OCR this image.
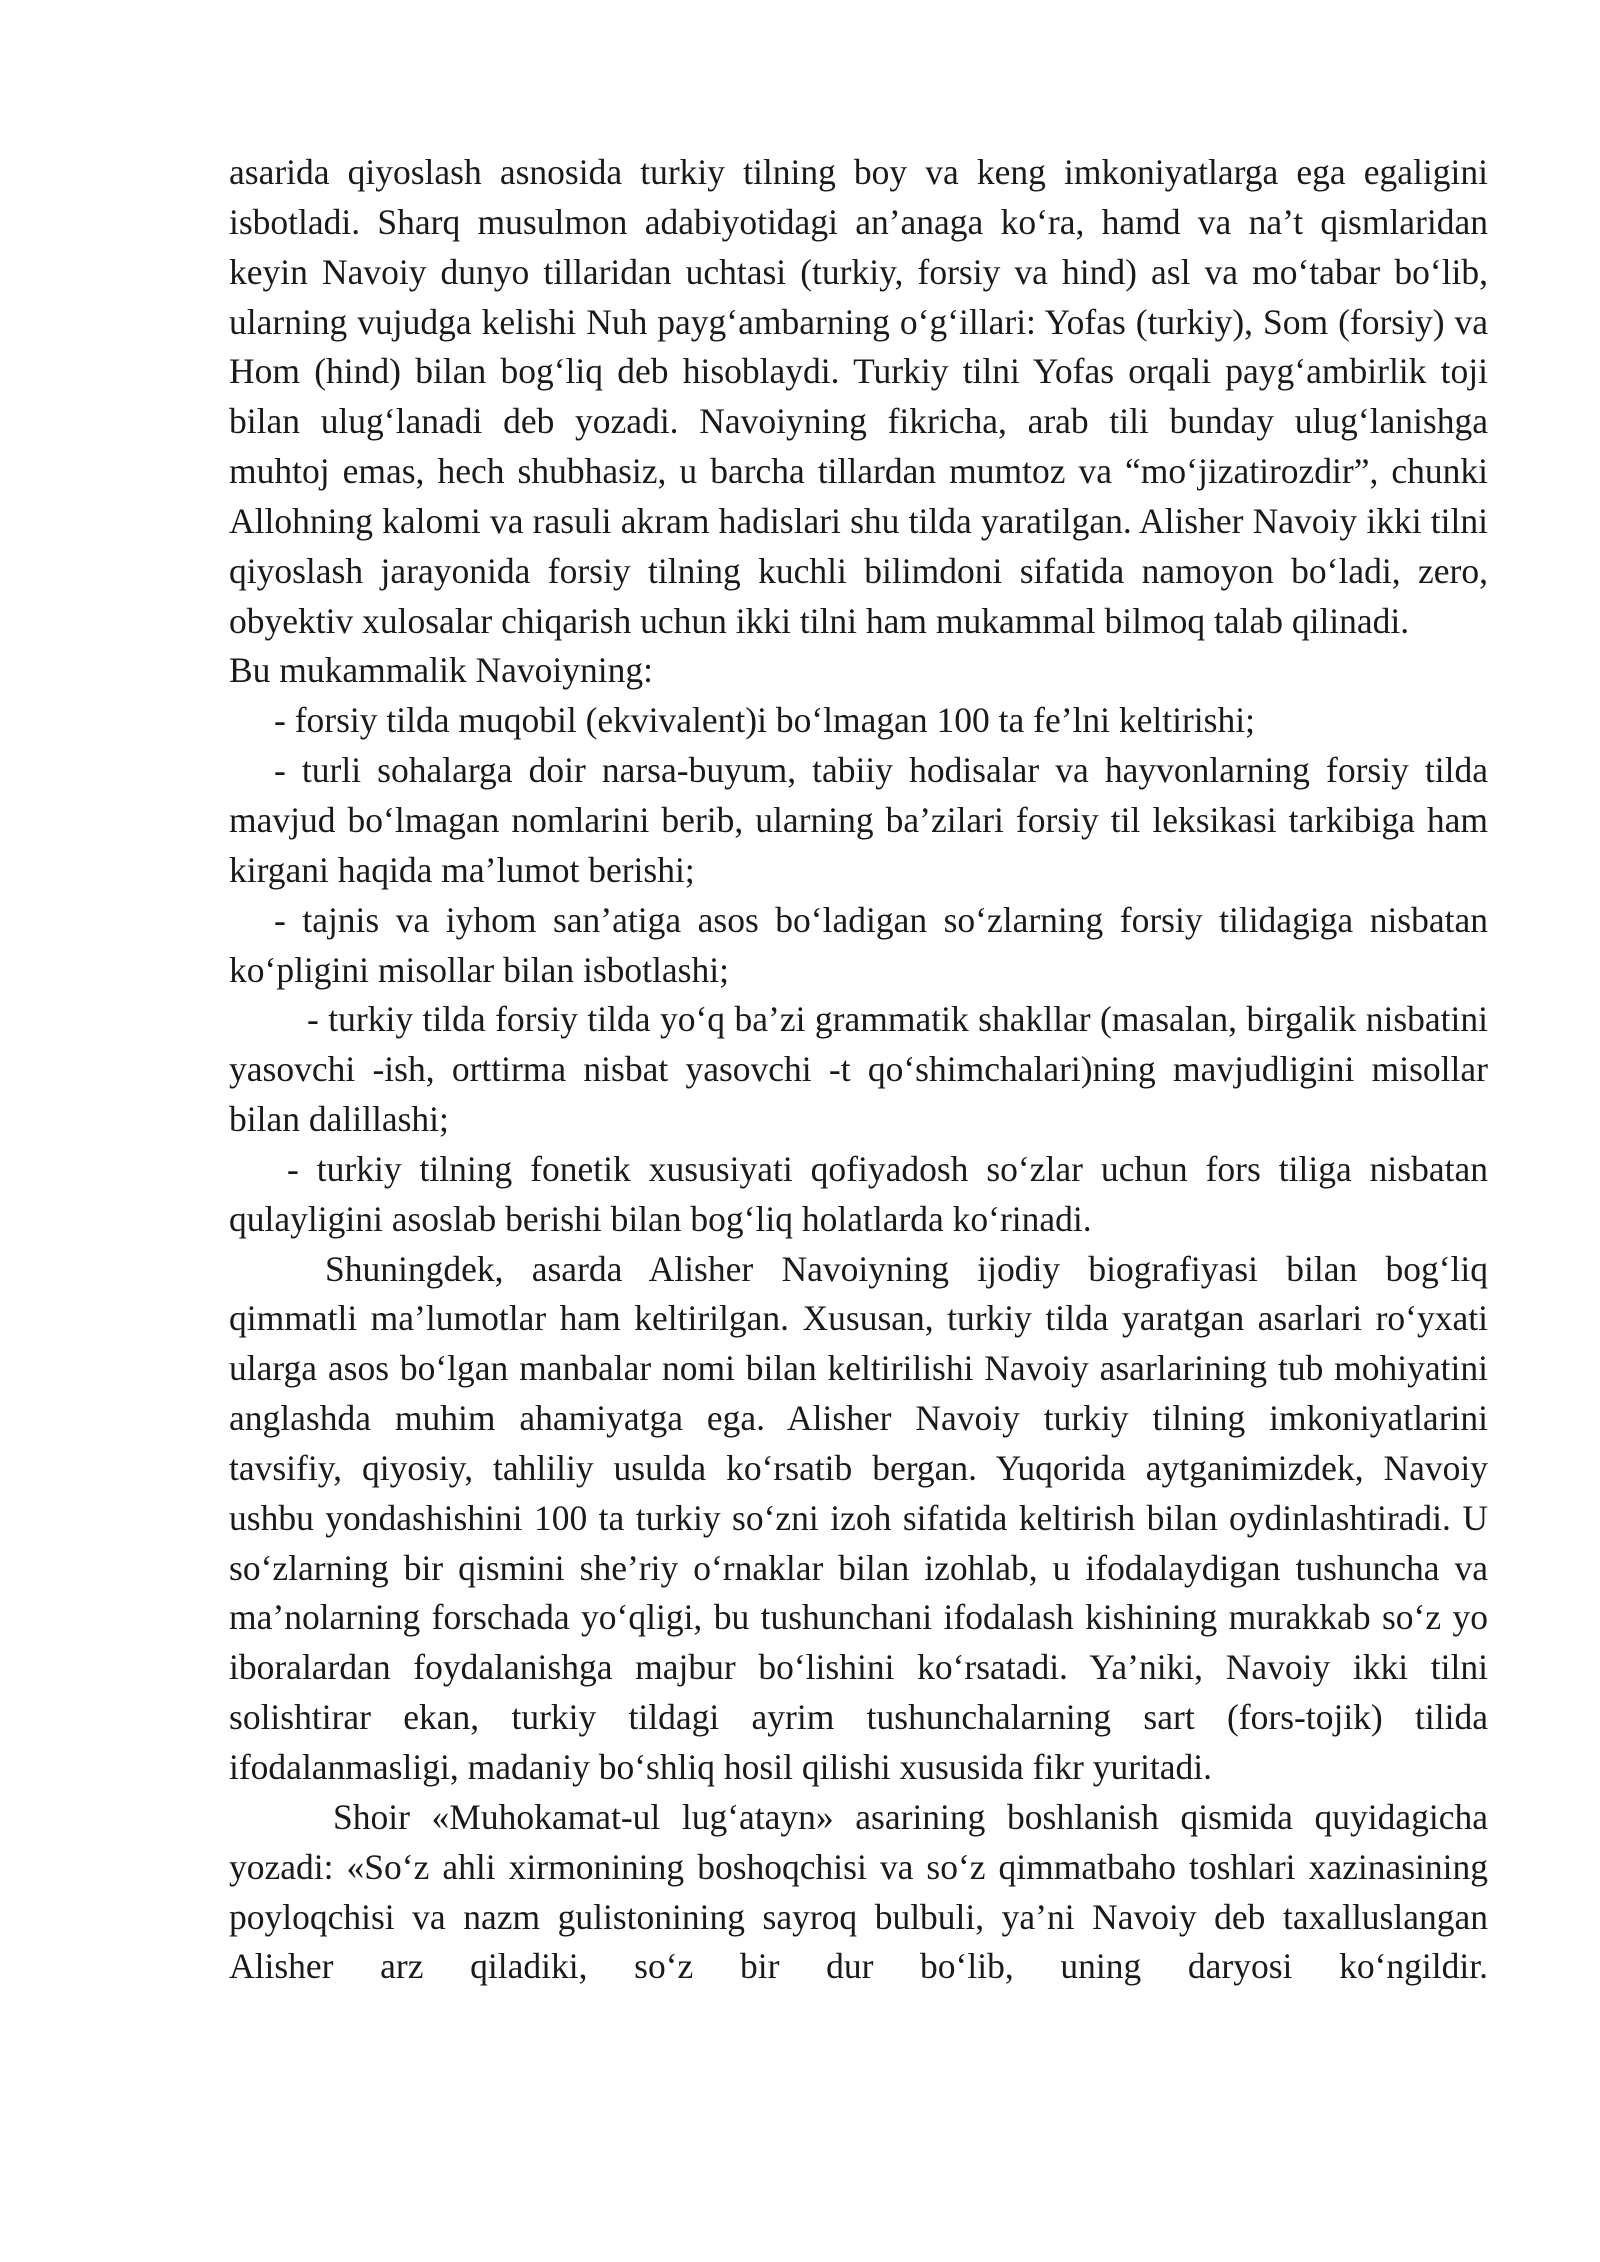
asarida qiyoslash asnosida turkiy tilning boy va keng imkoniyatlarga ega egaligini isbotladi. Sharq musulmon adabiyotidagi an’anaga ko‘ra, hamd va na’t qismlaridan keyin Navoiy dunyo tillaridan uchtasi (turkiy, forsiy va hind) asl va mo‘tabar bo‘lib, ularning vujudga kelishi Nuh payg‘ambarning o‘g‘illari: Yofas (turkiy), Som (forsiy) va Hom (hind) bilan bog‘liq deb hisoblaydi. Turkiy tilni Yofas orqali payg‘ambirlik toji bilan ulug‘lanadi deb yozadi. Navoiyning fikricha, arab tili bunday ulug‘lanishga muhtoj emas, hech shubhasiz, u barcha tillardan mumtoz va “mo‘jizatirozdir”, chunki Allohning kalomi va rasuli akram hadislari shu tilda yaratilgan. Alisher Navoiy ikki tilni qiyoslash jarayonida forsiy tilning kuchli bilimdoni sifatida namoyon bo‘ladi, zero, obyektiv xulosalar chiqarish uchun ikki tilni ham mukammal bilmoq talab qilinadi.

Bu mukammalik Navoiyning:

- forsiy tilda muqobil (ekvivalent)i bo‘lmagan 100 ta fe’lni keltirishi;

- turli sohalarga doir narsa-buyum, tabiiy hodisalar va hayvonlarning forsiy tilda mavjud bo‘lmagan nomlarini berib, ularning ba’zilari forsiy til leksikasi tarkibiga ham kirgani haqida ma’lumot berishi;

- tajnis va iyhom san’atiga asos bo‘ladigan so‘zlarning forsiy tilidagiga nisbatan ko‘pligini misollar bilan isbotlashi;

- turkiy tilda forsiy tilda yo‘q ba’zi grammatik shakllar (masalan, birgalik nisbatini yasovchi -ish, orttirma nisbat yasovchi -t qo‘shimchalari)ning mavjudligini misollar bilan dalillashi;

- turkiy tilning fonetik xususiyati qofiyadosh so‘zlar uchun fors tiliga nisbatan qulayligini asoslab berishi bilan bog‘liq holatlarda ko‘rinadi.

Shuningdek, asarda Alisher Navoiyning ijodiy biografiyasi bilan bog‘liq qimmatli ma’lumotlar ham keltirilgan. Xususan, turkiy tilda yaratgan asarlari ro‘yxati ularga asos bo‘lgan manbalar nomi bilan keltirilishi Navoiy asarlarining tub mohiyatini anglashda muhim ahamiyatga ega. Alisher Navoiy turkiy tilning imkoniyatlarini tavsifiy, qiyosiy, tahliliy usulda ko‘rsatib bergan. Yuqorida aytganimizdek, Navoiy ushbu yondashishini 100 ta turkiy so‘zni izoh sifatida keltirish bilan oydinlashtiradi. U so‘zlarning bir qismini she’riy o‘rnaklar bilan izohlab, u ifodalaydigan tushuncha va ma’nolarning forschada yo‘qligi, bu tushunchani ifodalash kishining murakkab so‘z yo iboralardan foydalanishga majbur bo‘lishini ko‘rsatadi. Ya’niki, Navoiy ikki tilni solishtirar ekan, turkiy tildagi ayrim tushunchalarning sart (fors-tojik) tilida ifodalanmasligi, madaniy bo‘shliq hosil qilishi xususida fikr yuritadi.

Shoir «Muhokamat-ul lug‘atayn» asarining boshlanish qismida quyidagicha yozadi: «So‘z ahli xirmonining boshoqchisi va so‘z qimmatbaho toshlari xazinasining poyloqchisi va nazm gulistonining sayroq bulbuli, ya’ni Navoiy deb taxalluslangan Alisher arz qiladiki, so‘z bir dur bo‘lib, uning daryosi ko‘ngildir.
